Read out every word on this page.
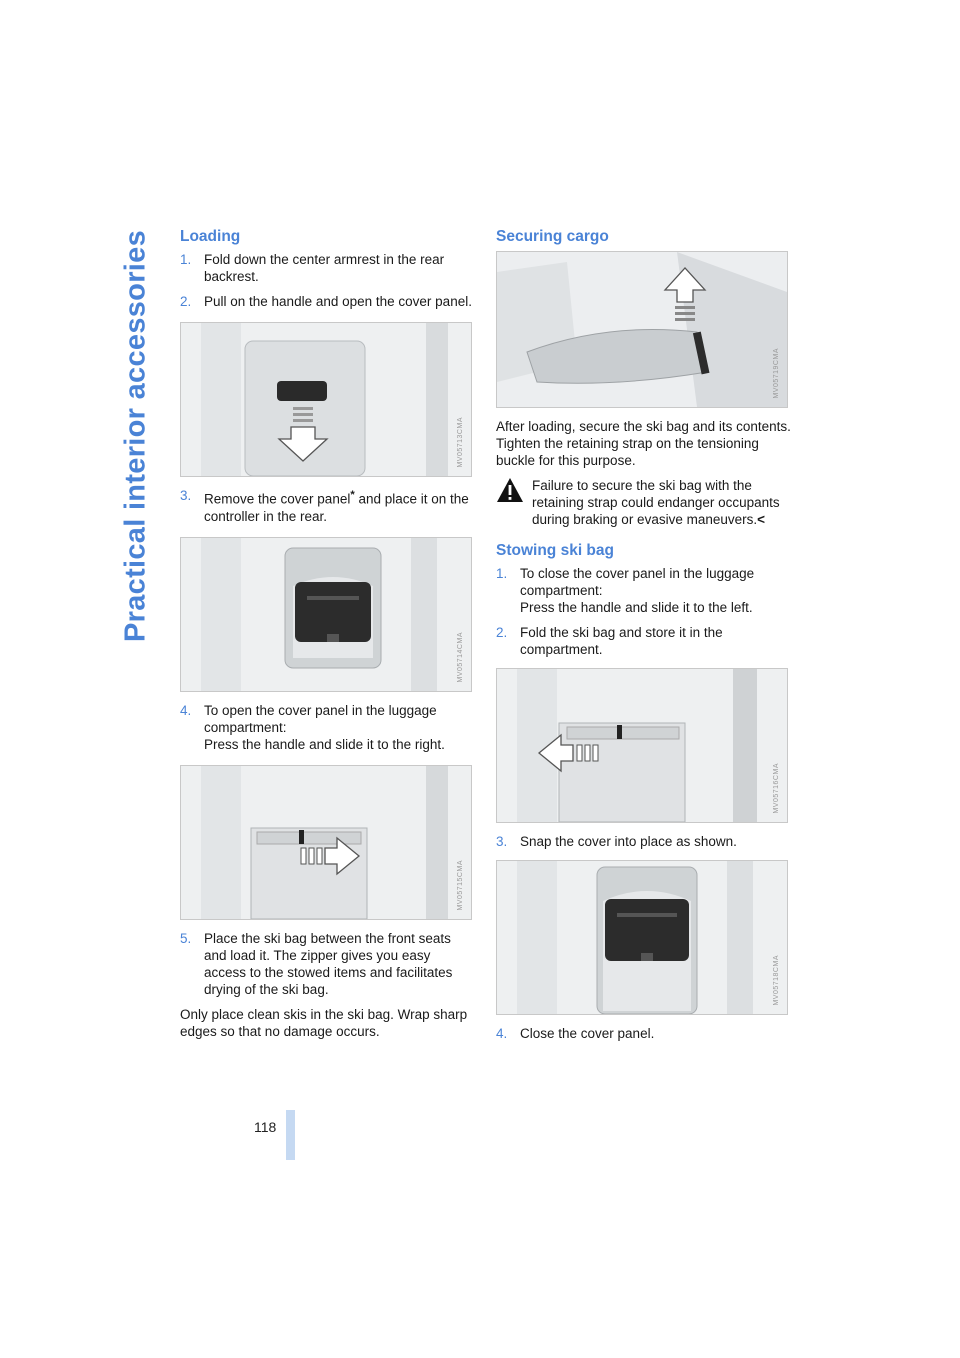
Practical interior accessories Loading
1. Fold down the center armrest in the rear backrest.
2. Pull on the handle and open the cover panel.
MV05713CMA
3. Remove the cover panel* and place it on the controller in the rear.
MV05714CMA
4. To open the cover panel in the luggage compartment:
Press the handle and slide it to the right.
MV05715CMA
5. Place the ski bag between the front seats and load it. The zipper gives you easy access to the stowed items and facilitates drying of the ski bag.

Only place clean skis in the ski bag. Wrap sharp edges so that no damage occurs.

Securing cargo
MV05719CMA

After loading, secure the ski bag and its contents. Tighten the retaining strap on the tensioning buckle for this purpose.

Failure to secure the ski bag with the retaining strap could endanger occupants during braking or evasive maneuvers.<
Stowing ski bag
1. To close the cover panel in the luggage compartment:
Press the handle and slide it to the left.
2. Fold the ski bag and store it in the compartment.
MV05716CMA
3. Snap the cover into place as shown.
MV05718CMA
4. Close the cover panel.
118
